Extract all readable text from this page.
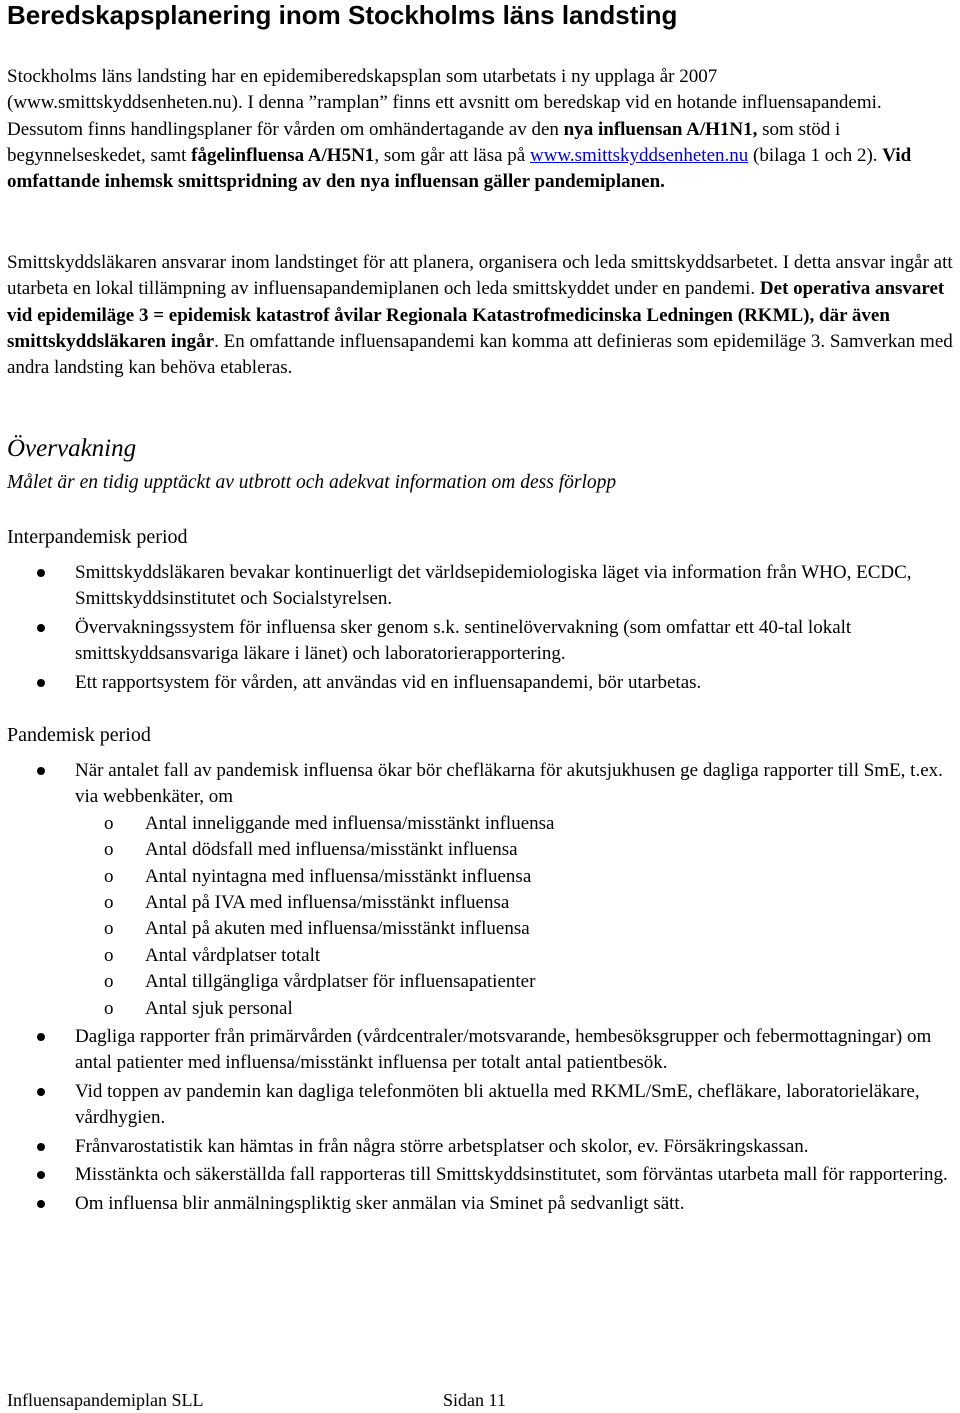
Beredskapsplanering inom Stockholms läns landsting
Stockholms läns landsting har en epidemiberedskapsplan som utarbetats i ny upplaga år 2007 (www.smittskyddsenheten.nu). I denna ”ramplan” finns ett avsnitt om beredskap vid en hotande influensapandemi. Dessutom finns handlingsplaner för vården om omhändertagande av den nya influensan A/H1N1, som stöd i begynnelseskedet, samt fågelinfluensa A/H5N1, som går att läsa på www.smittskyddsenheten.nu (bilaga 1 och 2). Vid omfattande inhemsk smittspridning av den nya influensan gäller pandemiplanen.
Smittskyddsläkaren ansvarar inom landstinget för att planera, organisera och leda smittskyddsarbetet. I detta ansvar ingår att utarbeta en lokal tillämpning av influensapandemiplanen och leda smittskyddet under en pandemi. Det operativa ansvaret vid epidemiläge 3 = epidemisk katastrof åvilar Regionala Katastrofmedicinska Ledningen (RKML), där även smittskyddsläkaren ingår. En omfattande influensapandemi kan komma att definieras som epidemiläge 3. Samverkan med andra landsting kan behöva etableras.
Övervakning
Målet är en tidig upptäckt av utbrott och adekvat information om dess förlopp
Interpandemisk period
Smittskyddsläkaren bevakar kontinuerligt det världsepidemiologiska läget via information från WHO, ECDC, Smittskyddsinstitutet och Socialstyrelsen.
Övervakningssystem för influensa sker genom s.k. sentinelövervakning (som omfattar ett 40-tal lokalt smittskyddsansvariga läkare i länet) och laboratorierapportering.
Ett rapportsystem för vården, att användas vid en influensapandemi, bör utarbetas.
Pandemisk period
När antalet fall av pandemisk influensa ökar bör chefläkarna för akutsjukhusen ge dagliga rapporter till SmE, t.ex. via webbenkäter, om
o Antal inneliggande med influensa/misstänkt influensa
o Antal dödsfall med influensa/misstänkt influensa
o Antal nyintagna med influensa/misstänkt influensa
o Antal på IVA med influensa/misstänkt influensa
o Antal på akuten med influensa/misstänkt influensa
o Antal vårdplatser totalt
o Antal tillgängliga vårdplatser för influensapatienter
o Antal sjuk personal
Dagliga rapporter från primärvården (vårdcentraler/motsvarande, hembesöksgrupper och febermottagningar) om antal patienter med influensa/misstänkt influensa per totalt antal patientbesök.
Vid toppen av pandemin kan dagliga telefonmöten bli aktuella med RKML/SmE, chefläkare, laboratorieläkare, vårdhygien.
Frånvarostatistik kan hämtas in från några större arbetsplatser och skolor, ev. Försäkringskassan.
Misstänkta och säkerställda fall rapporteras till Smittskyddsinstitutet, som förväntas utarbeta mall för rapportering.
Om influensa blir anmälningspliktig sker anmälan via Sminet på sedvanligt sätt.
Influensapandemiplan SLL	Sidan 11
